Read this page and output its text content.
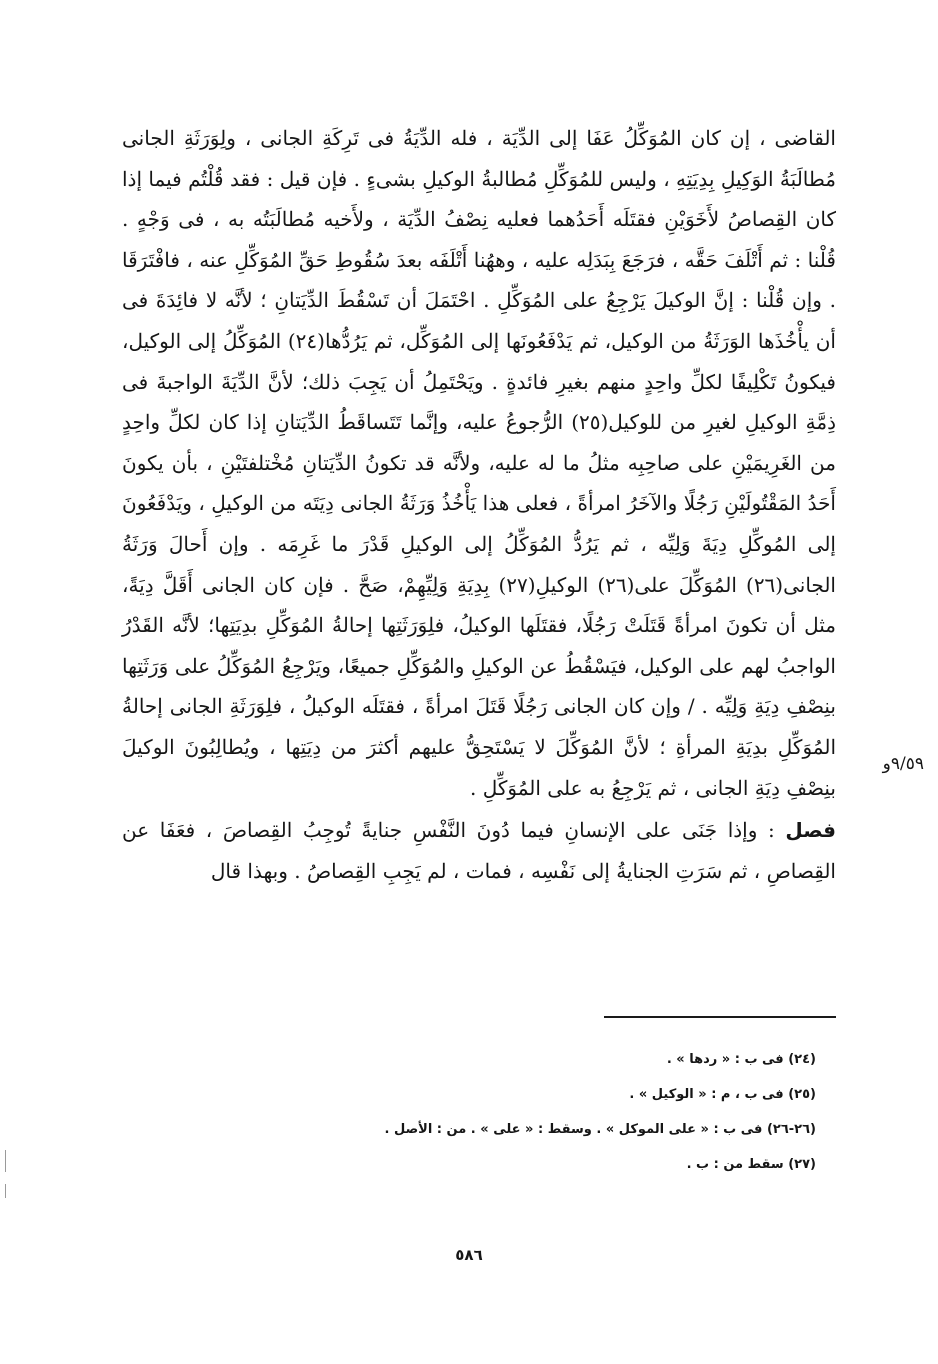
القاضى ، إن كان المُوَكِّلُ عَفَا إلى الدِّيَة ، فله الدِّيَةُ فى تَرِكَةِ الجانى ، ولِوَرَثَةِ الجانى مُطالَبَةُ الوَكِيلِ بِدِيَتِهِ ، وليس للمُوَكِّلِ مُطالبةُ الوكيلِ بشىءٍ . فإن قيل : فقد قُلْتُم فيما إذا كان القِصاصُ لأَخَوَيْنِ فقتَلَه أَحَدُهما فعليه نِصْفُ الدِّيَة ، ولأَخيه مُطالَبَتُه به ، فى وَجْهٍ . قُلْنا : ثم أَتْلَفَ حَقَّه ، فرَجَعَ بِبَدَلِه عليه ، وههُنا أَتْلَفَه بعدَ سُقُوطِ حَقِّ المُوَكِّلِ عنه ، فافْتَرَقَا . وإن قُلْنا : إنَّ الوكيلَ يَرْجِعُ على المُوَكِّلِ . احْتَمَلَ أن تَسْقُطَ الدِّيَتانِ ؛ لأنَّه لا فائِدَةَ فى أن يأْخُذَها الوَرَثَةُ من الوكيل، ثم يَدْفَعُونَها إلى المُوَكِّل، ثم يَرُدُّها(٢٤) المُوَكِّلُ إلى الوكيل، فيكونُ تَكْلِيفًا لكلِّ واحِدٍ منهم بغيرِ فائدةٍ . ويَحْتَمِلُ أن يَجِبَ ذلك؛ لأنَّ الدِّيَةَ الواجبةَ فى ذِمَّةِ الوكيلِ لغيرِ من للوكيل(٢٥) الرُّجوعُ عليه، وإنَّما تَتَساقَطُ الدِّيَتانِ إذا كان لكلِّ واحِدٍ من الغَرِيمَيْنِ على صاحِبِه مثلُ ما له عليه، ولأنَّه قد تكونُ الدِّيَتانِ مُخْتلفتَيْنِ ، بأن يكونَ أَحَدُ المَقْتُولَيْنِ رَجُلًا والآخَرُ امرأةً ، فعلى هذا يَأْخُذُ وَرَثَةُ الجانى دِيَتَه من الوكيلِ ، ويَدْفَعُونَ إلى المُوكِّلِ دِيَةَ وَلِيِّه ، ثم يَرُدُّ المُوَكِّلُ إلى الوكيلِ قَدْرَ ما غَرِمَه . وإن أَحالَ وَرَثَةُ الجانى(٢٦) المُوَكِّلَ على(٢٦) الوكيلِ(٢٧) بِدِيَةِ وَلِيِّهِمْ، صَحَّ . فإن كان الجانى أَقَلَّ دِيَةً، مثل أن تكونَ امرأةً قَتَلَتْ رَجُلًا، فقتَلَها الوكيلُ، فلِوَرَثَتِها إحالةُ المُوَكِّلِ بدِيَتِها؛ لأنَّه القَدْرُ الواجبُ لهم على الوكيل، فيَسْقُطُ عن الوكيلِ والمُوَكِّلِ جميعًا، ويَرْجِعُ المُوَكِّلُ على وَرَثَتِها بنِصْفِ دِيَةِ وَلِيِّه . / وإن كان الجانى رَجُلًا قَتَلَ امرأةً ، فقتَلَه الوكيلُ ، فلِوَرَثَةِ الجانى إحالةُ المُوَكِّلِ بدِيَةِ المرأةِ ؛ لأنَّ المُوَكِّلَ لا يَسْتَحِقُّ عليهم أكثرَ من دِيَتِها ، ويُطالِبُونَ الوكيلَ بنِصْفِ دِيَةِ الجانى ، ثم يَرْجِعُ به على المُوَكِّلِ .

فصل : وإذا جَنَى على الإنسانِ فيما دُونَ النَّفْسِ جنايةً تُوجِبُ القِصاصَ ، فعَفَا عن القِصاصِ ، ثم سَرَتِ الجنايةُ إلى نَفْسِه ، فمات ، لم يَجِبِ القِصاصُ . وبهذا قال

٩/٥٩و
(٢٤) فى ب : « ردها » .
(٢٥) فى ب ، م : « الوكيل » .
(٢٦-٢٦) فى ب : « على الموكل » . وسقط : « على » . من : الأصل .
(٢٧) سقط من : ب .
٥٨٦
